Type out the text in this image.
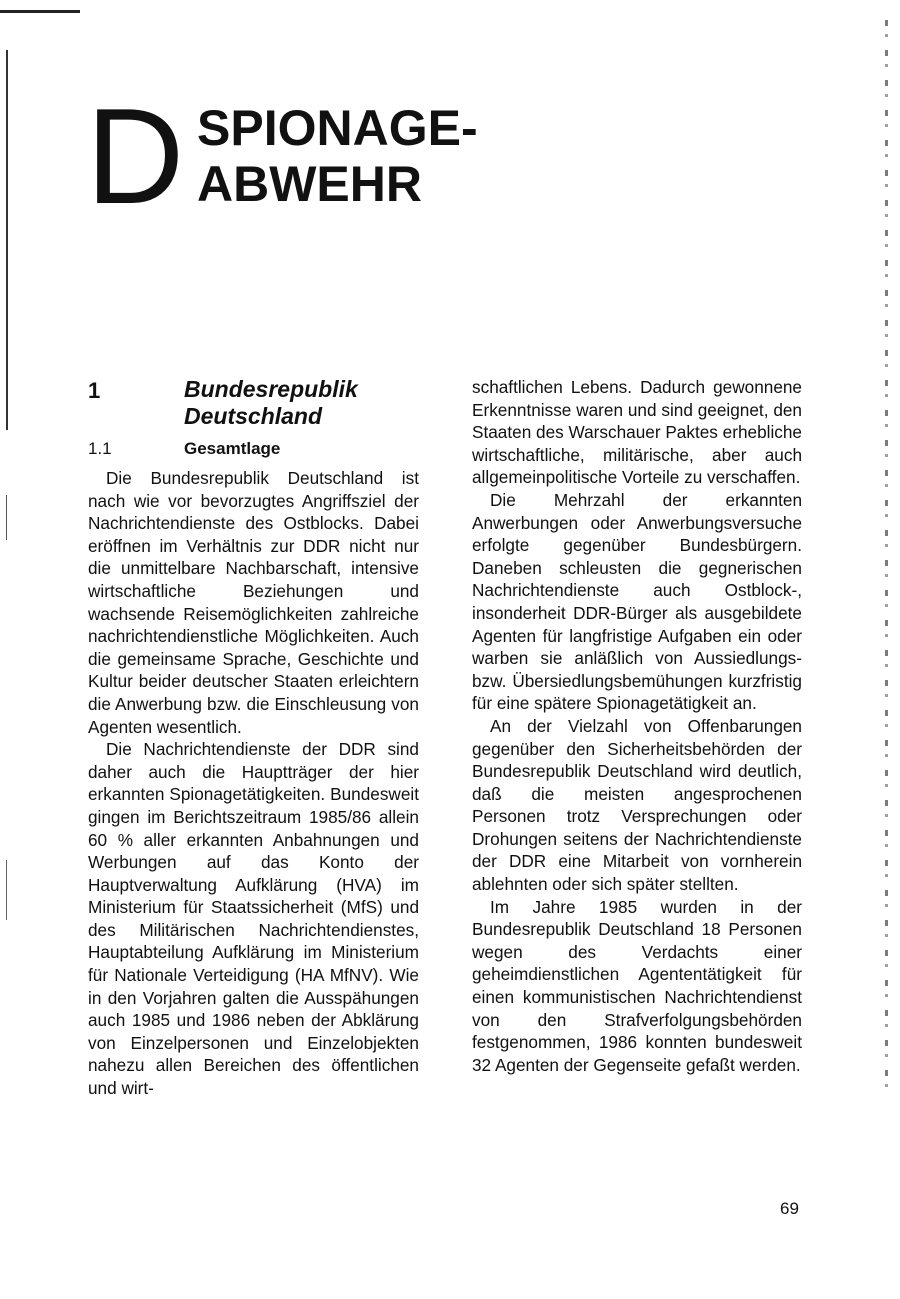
D SPIONAGE-
ABWEHR
1	Bundesrepublik
Deutschland
1.1	Gesamtlage

Die Bundesrepublik Deutschland ist nach wie vor bevorzugtes Angriffsziel der Nachrichtendienste des Ostblocks. Dabei eröffnen im Verhältnis zur DDR nicht nur die unmittelbare Nachbarschaft, intensive wirtschaftliche Beziehungen und wachsende Reisemöglichkeiten zahlreiche nachrichtendienstliche Möglichkeiten. Auch die gemeinsame Sprache, Geschichte und Kultur beider deutscher Staaten erleichtern die Anwerbung bzw. die Einschleusung von Agenten wesentlich.

Die Nachrichtendienste der DDR sind daher auch die Hauptträger der hier erkannten Spionagetätigkeiten. Bundesweit gingen im Berichtszeitraum 1985/86 allein 60 % aller erkannten Anbahnungen und Werbungen auf das Konto der Hauptverwaltung Aufklärung (HVA) im Ministerium für Staatssicherheit (MfS) und des Militärischen Nachrichtendienstes, Hauptabteilung Aufklärung im Ministerium für Nationale Verteidigung (HA MfNV). Wie in den Vorjahren galten die Ausspähungen auch 1985 und 1986 neben der Abklärung von Einzelpersonen und Einzelobjekten nahezu allen Bereichen des öffentlichen und wirt-

schaftlichen Lebens. Dadurch gewonnene Erkenntnisse waren und sind geeignet, den Staaten des Warschauer Paktes erhebliche wirtschaftliche, militärische, aber auch allgemeinpolitische Vorteile zu verschaffen.

Die Mehrzahl der erkannten Anwerbungen oder Anwerbungsversuche erfolgte gegenüber Bundesbürgern. Daneben schleusten die gegnerischen Nachrichtendienste auch Ostblock-, insonderheit DDR-Bürger als ausgebildete Agenten für langfristige Aufgaben ein oder warben sie anläßlich von Aussiedlungs- bzw. Übersiedlungsbemühungen kurzfristig für eine spätere Spionagetätigkeit an.

An der Vielzahl von Offenbarungen gegenüber den Sicherheitsbehörden der Bundesrepublik Deutschland wird deutlich, daß die meisten angesprochenen Personen trotz Versprechungen oder Drohungen seitens der Nachrichtendienste der DDR eine Mitarbeit von vornherein ablehnten oder sich später stellten.

Im Jahre 1985 wurden in der Bundesrepublik Deutschland 18 Personen wegen des Verdachts einer geheimdienstlichen Agententätigkeit für einen kommunistischen Nachrichtendienst von den Strafverfolgungsbehörden festgenommen, 1986 konnten bundesweit 32 Agenten der Gegenseite gefaßt werden.

69
